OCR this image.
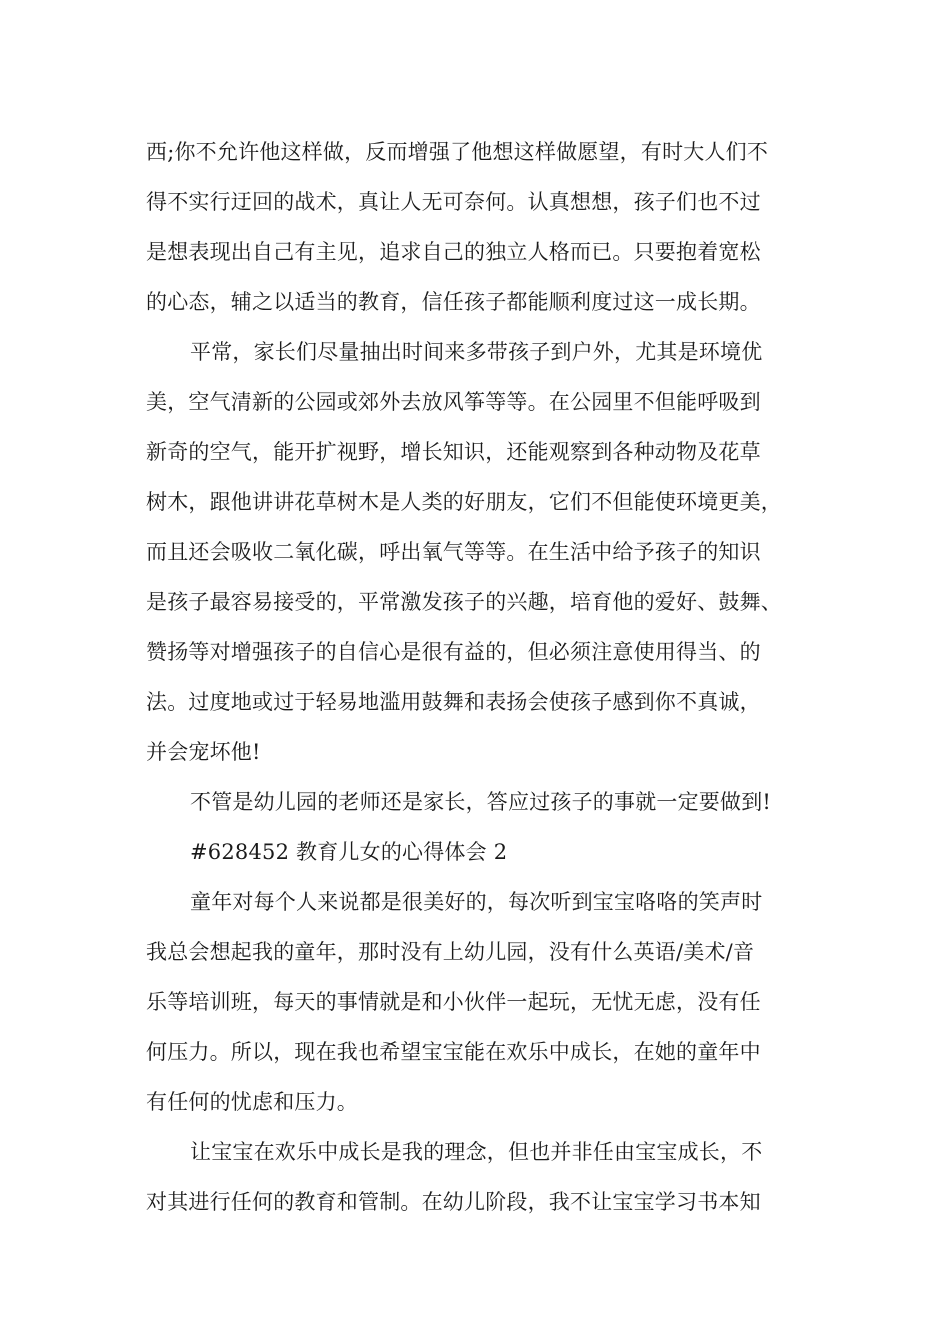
西;你不允许他这样做，反而增强了他想这样做愿望，有时大人们不

得不实行迂回的战术，真让人无可奈何。认真想想，孩子们也不过

是想表现出自己有主见，追求自己的独立人格而已。只要抱着宽松

的心态，辅之以适当的教育，信任孩子都能顺利度过这一成长期。

平常，家长们尽量抽出时间来多带孩子到户外，尤其是环境优

美，空气清新的公园或郊外去放风筝等等。在公园里不但能呼吸到

新奇的空气，能开扩视野，增长知识，还能观察到各种动物及花草

树木，跟他讲讲花草树木是人类的好朋友，它们不但能使环境更美，

而且还会吸收二氧化碳，呼出氧气等等。在生活中给予孩子的知识

是孩子最容易接受的，平常激发孩子的兴趣，培育他的爱好、鼓舞、

赞扬等对增强孩子的自信心是很有益的，但必须注意使用得当、的

法。过度地或过于轻易地滥用鼓舞和表扬会使孩子感到你不真诚，

并会宠坏他!

不管是幼儿园的老师还是家长，答应过孩子的事就一定要做到!

#628452 教育儿女的心得体会 2

童年对每个人来说都是很美好的，每次听到宝宝咯咯的笑声时

我总会想起我的童年，那时没有上幼儿园，没有什么英语/美术/音

乐等培训班，每天的事情就是和小伙伴一起玩，无忧无虑，没有任

何压力。所以，现在我也希望宝宝能在欢乐中成长，在她的童年中

有任何的忧虑和压力。

让宝宝在欢乐中成长是我的理念，但也并非任由宝宝成长，不

对其进行任何的教育和管制。在幼儿阶段，我不让宝宝学习书本知
